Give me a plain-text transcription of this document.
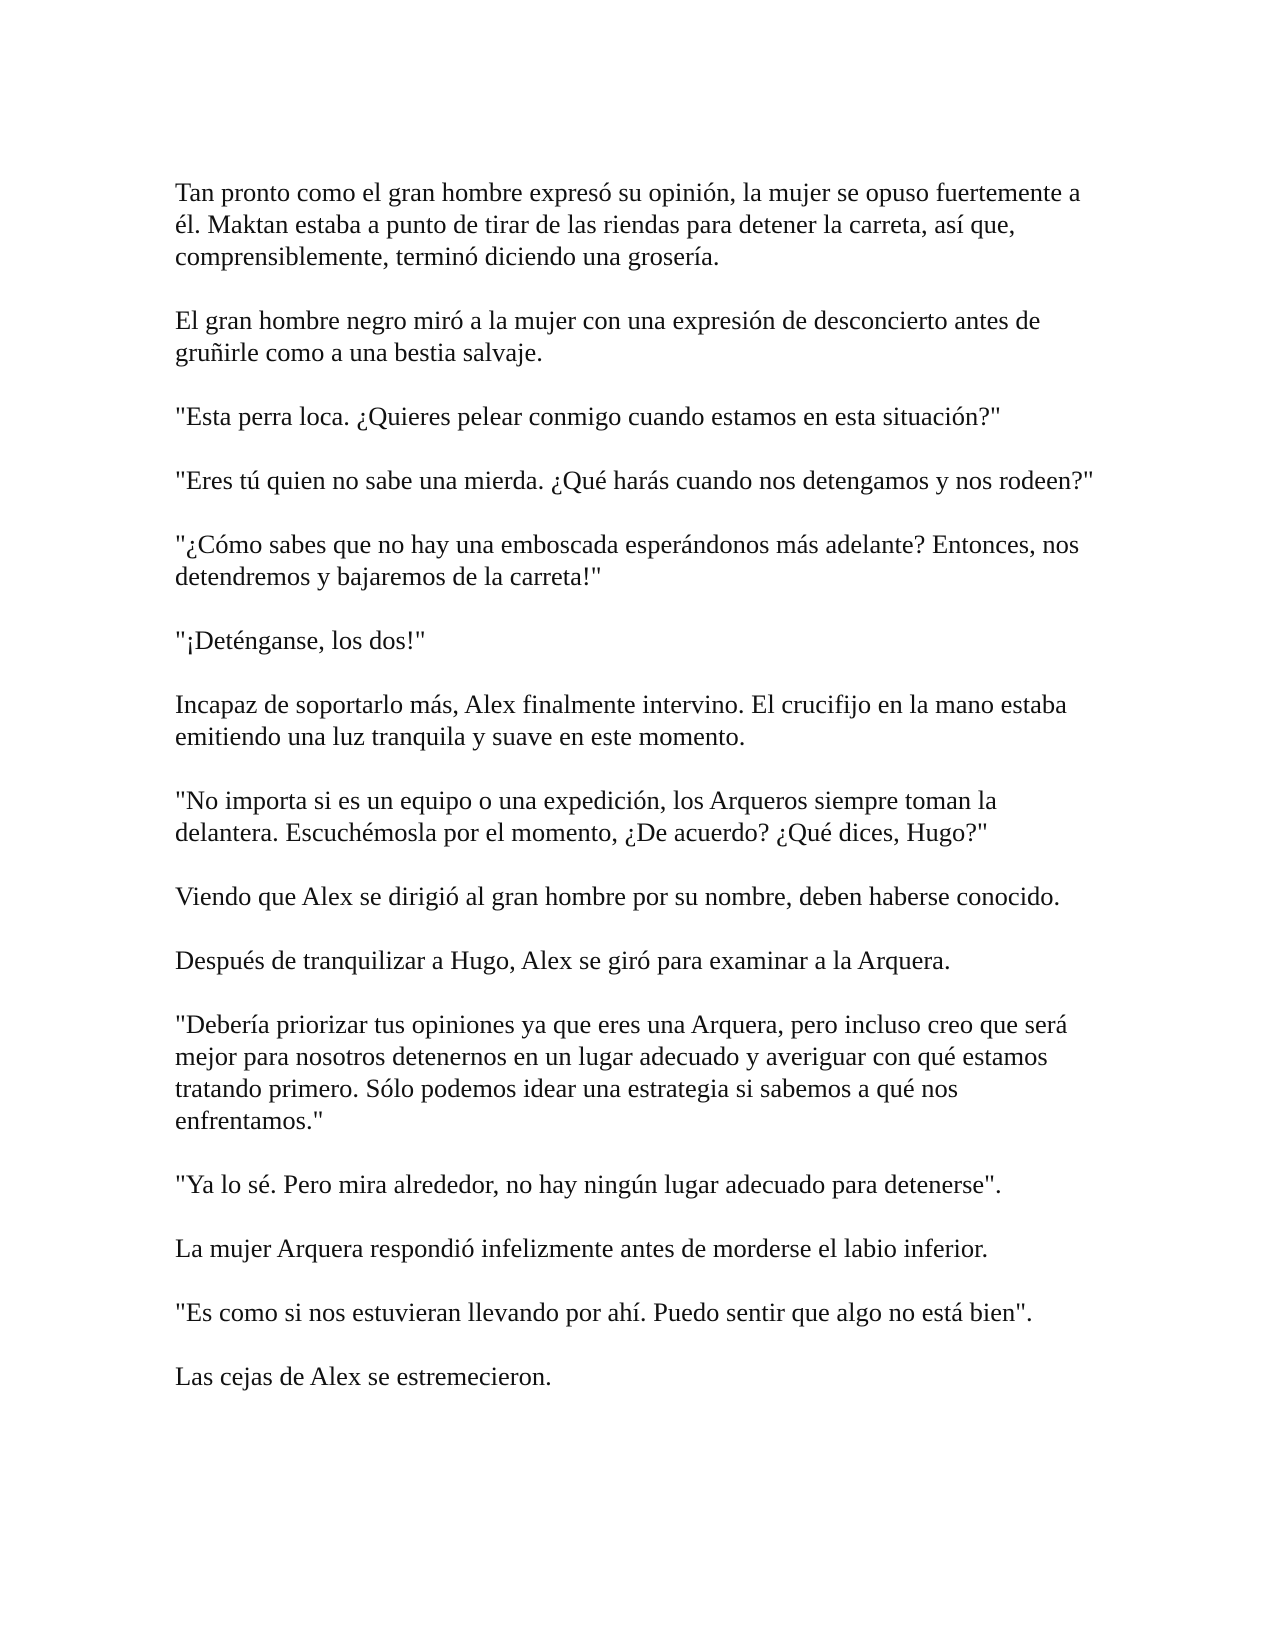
Tan pronto como el gran hombre expresó su opinión, la mujer se opuso fuertemente a él. Maktan estaba a punto de tirar de las riendas para detener la carreta, así que, comprensiblemente, terminó diciendo una grosería.

El gran hombre negro miró a la mujer con una expresión de desconcierto antes de gruñirle como a una bestia salvaje.

"Esta perra loca. ¿Quieres pelear conmigo cuando estamos en esta situación?"

"Eres tú quien no sabe una mierda. ¿Qué harás cuando nos detengamos y nos rodeen?"

"¿Cómo sabes que no hay una emboscada esperándonos más adelante? Entonces, nos detendremos y bajaremos de la carreta!"

"¡Deténganse, los dos!"

Incapaz de soportarlo más, Alex finalmente intervino. El crucifijo en la mano estaba emitiendo una luz tranquila y suave en este momento.

"No importa si es un equipo o una expedición, los Arqueros siempre toman la delantera. Escuchémosla por el momento, ¿De acuerdo? ¿Qué dices, Hugo?"

Viendo que Alex se dirigió al gran hombre por su nombre, deben haberse conocido.

Después de tranquilizar a Hugo, Alex se giró para examinar a la Arquera.

"Debería priorizar tus opiniones ya que eres una Arquera, pero incluso creo que será mejor para nosotros detenernos en un lugar adecuado y averiguar con qué estamos tratando primero. Sólo podemos idear una estrategia si sabemos a qué nos enfrentamos."

"Ya lo sé. Pero mira alrededor, no hay ningún lugar adecuado para detenerse".

La mujer Arquera respondió infelizmente antes de morderse el labio inferior.

"Es como si nos estuvieran llevando por ahí. Puedo sentir que algo no está bien".

Las cejas de Alex se estremecieron.
